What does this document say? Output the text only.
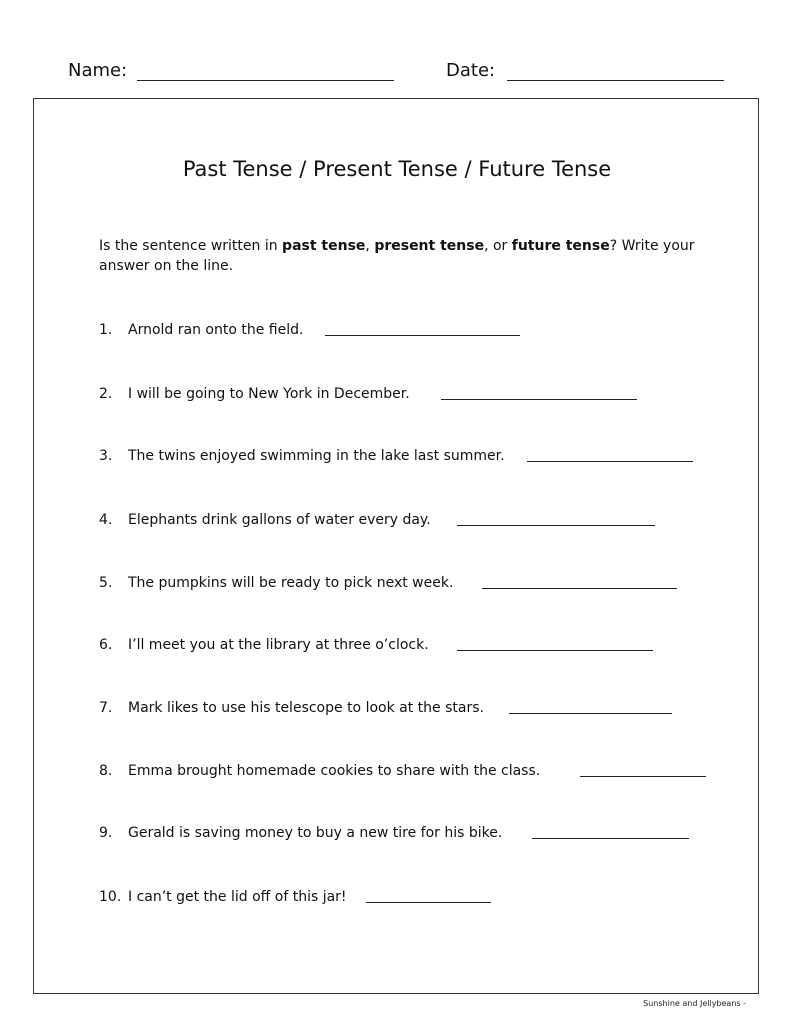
Name:	Date:
Past Tense / Present Tense / Future Tense
Is the sentence written in past tense, present tense, or future tense? Write your answer on the line.
1. Arnold ran onto the field.
2. I will be going to New York in December.
3. The twins enjoyed swimming in the lake last summer.
4. Elephants drink gallons of water every day.
5. The pumpkins will be ready to pick next week.
6. I’ll meet you at the library at three o’clock.
7. Mark likes to use his telescope to look at the stars.
8. Emma brought homemade cookies to share with the class.
9. Gerald is saving money to buy a new tire for his bike.
10. I can’t get the lid off of this jar!
Sunshine and Jellybeans -
